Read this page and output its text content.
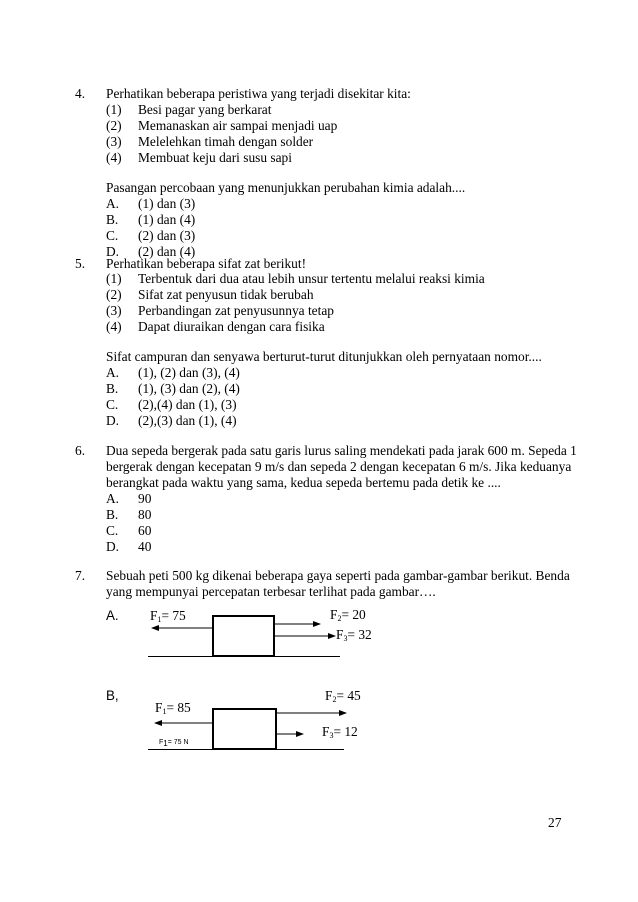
4. Perhatikan beberapa peristiwa yang terjadi disekitar kita:
(1) Besi pagar yang berkarat
(2) Memanaskan air sampai menjadi uap
(3) Melelehkan timah dengan solder
(4) Membuat keju dari susu sapi
Pasangan percobaan yang menunjukkan perubahan kimia adalah....
A. (1) dan (3)
B. (1) dan (4)
C. (2) dan (3)
D. (2) dan (4)
5. Perhatikan beberapa sifat zat berikut!
(1) Terbentuk dari dua atau lebih unsur tertentu melalui reaksi kimia
(2) Sifat zat penyusun tidak berubah
(3) Perbandingan zat penyusunnya tetap
(4) Dapat diuraikan dengan cara fisika
Sifat campuran dan senyawa berturut-turut ditunjukkan oleh pernyataan nomor....
A. (1), (2) dan (3), (4)
B. (1), (3) dan (2), (4)
C. (2),(4) dan (1), (3)
D. (2),(3) dan (1), (4)
6. Dua sepeda bergerak pada satu garis lurus saling mendekati pada jarak 600 m. Sepeda 1
bergerak dengan kecepatan 9 m/s dan sepeda 2 dengan kecepatan 6 m/s. Jika keduanya
berangkat pada waktu yang sama, kedua sepeda bertemu pada detik ke ....
A. 90
B. 80
C. 60
D. 40
7. Sebuah peti 500 kg dikenai beberapa gaya seperti pada gambar-gambar berikut. Benda
yang mempunyai percepatan terbesar terlihat pada gambar….
A. $F_1= 75$	$F_2= 20$
$F_3= 32$
B,
$F_1= 85$
$F_2= 45$
$F_3= 12$
$F_1= 75$ N
27
